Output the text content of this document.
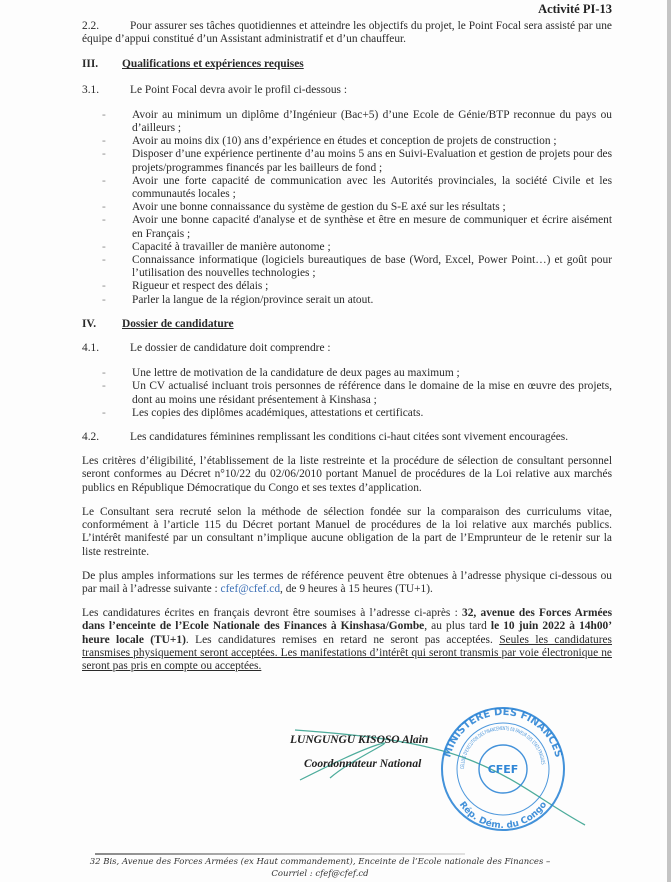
Activité PI-13

2.2.	Pour assurer ses tâches quotidiennes et atteindre les objectifs du projet, le Point Focal sera assisté par une équipe d’appui constitué d’un Assistant administratif et d’un chauffeur.

III. Qualifications et expériences requises

3.1.	Le Point Focal devra avoir le profil ci-dessous :

- Avoir au minimum un diplôme d’Ingénieur (Bac+5) d’une Ecole de Génie/BTP reconnue du pays ou d’ailleurs ;
- Avoir au moins dix (10) ans d’expérience en études et conception de projets de construction ;
- Disposer d’une expérience pertinente d’au moins 5 ans en Suivi-Evaluation et gestion de projets pour des projets/programmes financés par les bailleurs de fond ;
- Avoir une forte capacité de communication avec les Autorités provinciales, la société Civile et les communautés locales ;
- Avoir une bonne connaissance du système de gestion du S-E axé sur les résultats ;
- Avoir une bonne capacité d'analyse et de synthèse et être en mesure de communiquer et écrire aisément en Français ;
- Capacité à travailler de manière autonome ;
- Connaissance informatique (logiciels bureautiques de base (Word, Excel, Power Point…) et goût pour l’utilisation des nouvelles technologies ;
- Rigueur et respect des délais ;
- Parler la langue de la région/province serait un atout.

IV. Dossier de candidature

4.1.	Le dossier de candidature doit comprendre :

- Une lettre de motivation de la candidature de deux pages au maximum ;
- Un CV actualisé incluant trois personnes de référence dans le domaine de la mise en œuvre des projets, dont au moins une résidant présentement à Kinshasa ;
- Les copies des diplômes académiques, attestations et certificats.

4.2.	Les candidatures féminines remplissant les conditions ci-haut citées sont vivement encouragées.

Les critères d’éligibilité, l’établissement de la liste restreinte et la procédure de sélection de consultant personnel seront conformes au Décret n°10/22 du 02/06/2010 portant Manuel de procédures de la Loi relative aux marchés publics en République Démocratique du Congo et ses textes d’application.

Le Consultant sera recruté selon la méthode de sélection fondée sur la comparaison des curriculums vitae, conformément à l’article 115 du Décret portant Manuel de procédures de la loi relative aux marchés publics. L’intérêt manifesté par un consultant n’implique aucune obligation de la part de l’Emprunteur de le retenir sur la liste restreinte.

De plus amples informations sur les termes de référence peuvent être obtenues à l’adresse physique ci-dessous ou par mail à l’adresse suivante : cfef@cfef.cd, de 9 heures à 15 heures (TU+1).

Les candidatures écrites en français devront être soumises à l’adresse ci-après : 32, avenue des Forces Armées dans l’enceinte de l’Ecole Nationale des Finances à Kinshasa/Gombe, au plus tard le 10 juin 2022 à 14h00’ heure locale (TU+1). Les candidatures remises en retard ne seront pas acceptées. Seules les candidatures transmises physiquement seront acceptées. Les manifestations d’intérêt qui seront transmis par voie électronique ne seront pas pris en compte ou acceptées.

LUNGUNGU KISOSO Alain
Coordonnateur National
MINISTERE DES FINANCES
CELLULE D'EXECUTION DES FINANCEMENTS EN FAVEUR DES ETATS FRAGILES
Rép. Dém. du Congo
CFEF
32 Bis, Avenue des Forces Armées (ex Haut commandement), Enceinte de l’Ecole nationale des Finances –
Courriel : cfef@cfef.cd
